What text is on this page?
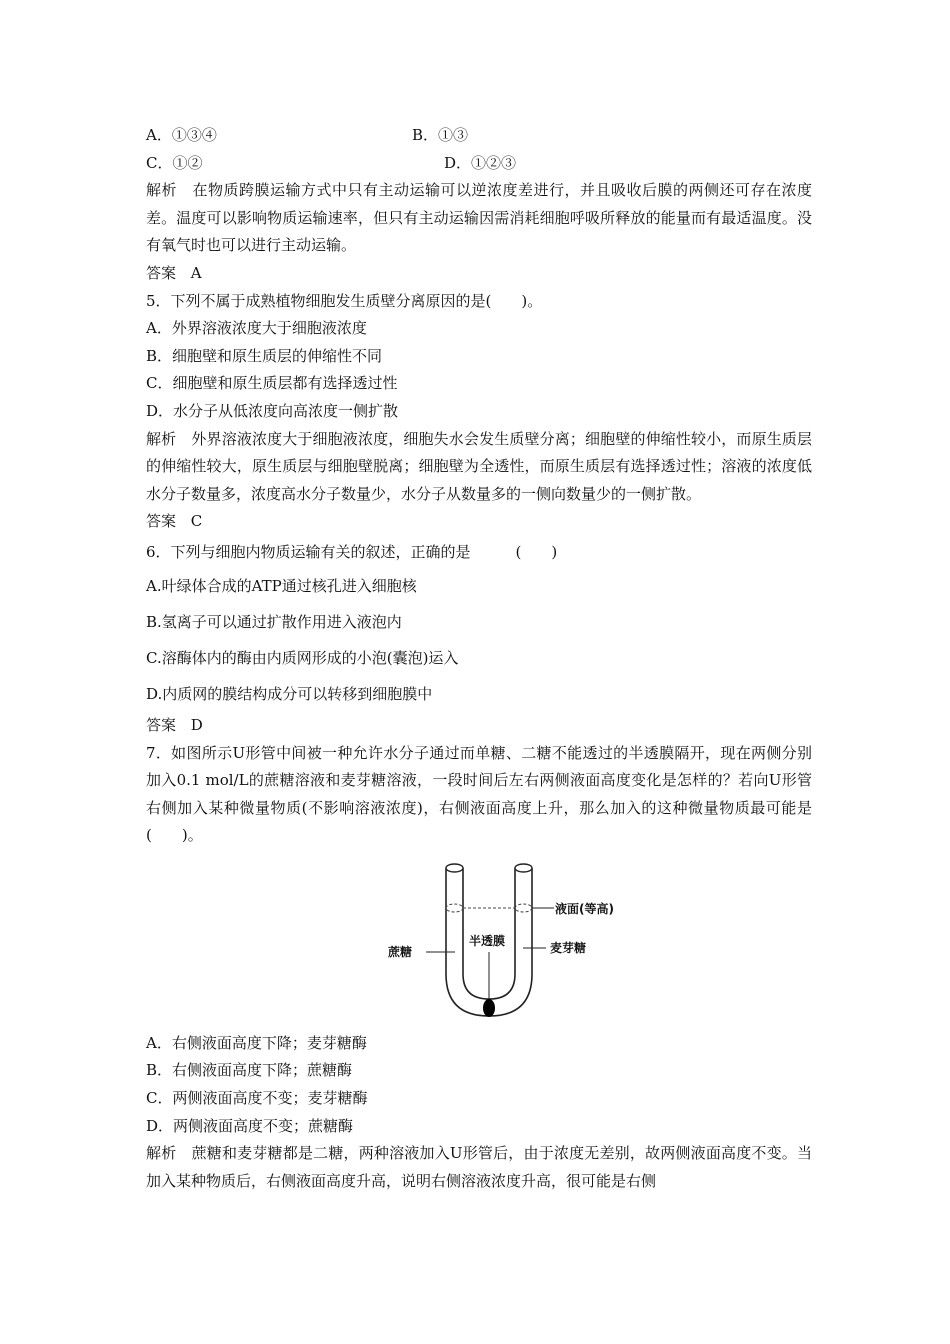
A．①③④	B．①③
C．①②	D．①②③
解析　在物质跨膜运输方式中只有主动运输可以逆浓度差进行，并且吸收后膜的两侧还可存在浓度差。温度可以影响物质运输速率，但只有主动运输因需消耗细胞呼吸所释放的能量而有最适温度。没有氧气时也可以进行主动运输。
答案 A
5．下列不属于成熟植物细胞发生质壁分离原因的是(　　)。
A．外界溶液浓度大于细胞液浓度
B．细胞壁和原生质层的伸缩性不同
C．细胞壁和原生质层都有选择透过性
D．水分子从低浓度向高浓度一侧扩散
解析　外界溶液浓度大于细胞液浓度，细胞失水会发生质壁分离；细胞壁的伸缩性较小，而原生质层的伸缩性较大，原生质层与细胞壁脱离；细胞壁为全透性，而原生质层有选择透过性；溶液的浓度低水分子数量多，浓度高水分子数量少，水分子从数量多的一侧向数量少的一侧扩散。
答案 C
6．下列与细胞内物质运输有关的叙述，正确的是　　　(　　)
A.叶绿体合成的ATP通过核孔进入细胞核
B.氢离子可以通过扩散作用进入液泡内
C.溶酶体内的酶由内质网形成的小泡(囊泡)运入
D.内质网的膜结构成分可以转移到细胞膜中
答案 D
7．如图所示U形管中间被一种允许水分子通过而单糖、二糖不能透过的半透膜隔开，现在两侧分别加入0.1 mol/L的蔗糖溶液和麦芽糖溶液，一段时间后左右两侧液面高度变化是怎样的？若向U形管右侧加入某种微量物质(不影响溶液浓度)，右侧液面高度上升，那么加入的这种微量物质最可能是(　　)。
液面(等高)
半透膜
蔗糖	麦芽糖
A．右侧液面高度下降；麦芽糖酶
B．右侧液面高度下降；蔗糖酶
C．两侧液面高度不变；麦芽糖酶
D．两侧液面高度不变；蔗糖酶
解析　蔗糖和麦芽糖都是二糖，两种溶液加入U形管后，由于浓度无差别，故两侧液面高度不变。当加入某种物质后，右侧液面高度升高，说明右侧溶液浓度升高，很可能是右侧
